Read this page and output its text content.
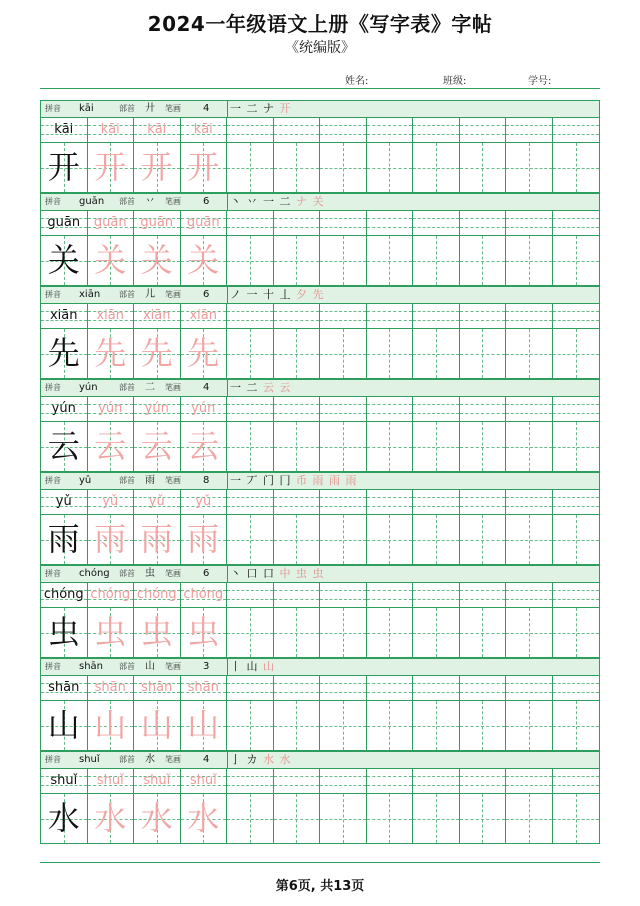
2024一年级语文上册《写字表》字帖
《统编版》
姓名:	班级:	学号:
拼音 kāi	部首 廾 笔画 4 一 二 ナ 开
kāi	kāi	kāi	kāi
开 开 开 开
拼音 guān 部首 丷 笔画 6 丶 丷 一 二 ナ 关
guān	guān	guān	guān
关 关 关 关
拼音 xiān 部首 儿 笔画 6 ノ 一 十 丄 夕 先
xiān	xiān	xiān	xiān
先 先 先 先
拼音 yún	部首 二 笔画 4 一 二 云 云
yún	yún	yún	yún
云 云 云 云
拼音 yǔ	部首 雨 笔画 8 一 丆 门 冂 币 雨 雨 雨
yǔ	yǔ	yǔ	yǔ
雨 雨 雨 雨
拼音 chóng 部首 虫 笔画 6 丶 口 口 中 虫 虫
chóng chóng chóng chóng
虫 虫 虫 虫
拼音 shān 部首 山 笔画 3 丨 山 山
shān	shān	shān	shān
山 山 山 山
拼音 shuǐ 部首 水 笔画 4 亅 カ 水 水
shuǐ	shuǐ	shuǐ	shuǐ
水 水 水 水
第6页, 共13页
